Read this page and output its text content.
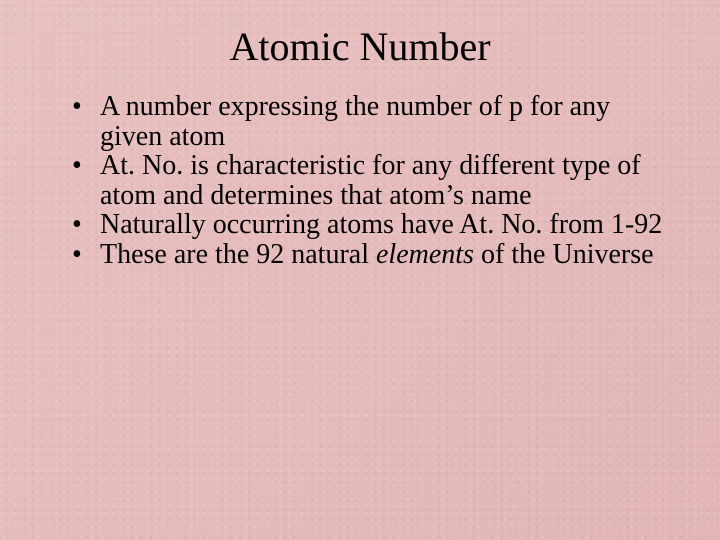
Atomic Number
• A number expressing the number of p for any given atom
• At. No. is characteristic for any different type of atom and determines that atom’s name
• Naturally occurring atoms have At. No. from 1-92
• These are the 92 natural elements of the Universe
